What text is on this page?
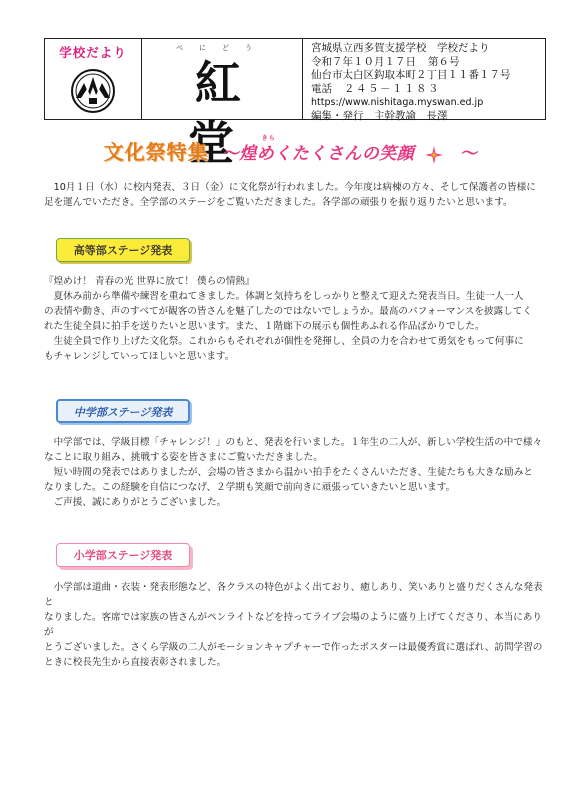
学校だより	べにどう
紅 堂
宮城県立西多賀支援学校　学校だより
令和７年１０月１７日 第６号
仙台市太白区鈎取本町２丁目１１番１７号
電話 ２４５－１１８３
https://www.nishitaga.myswan.ed.jp
編集・発行　主幹教諭　長澤
文化祭特集
きら
～煌めくたくさんの笑顔	～

10月１日（水）に校内発表、３日（金）に文化祭が行われました。今年度は病棟の方々、そして保護者の皆様に

足を運んでいただき、全学部のステージをご覧いただきました。各学部の頑張りを振り返りたいと思います。

高等部ステージ発表

『煌めけ！ 青春の光 世界に放て！ 僕らの情熱』

夏休み前から準備や練習を重ねてきました。体調と気持ちをしっかりと整えて迎えた発表当日。生徒一人一人

の表情や動き、声のすべてが観客の皆さんを魅了したのではないでしょうか。最高のパフォーマンスを披露してく

れた生徒全員に拍手を送りたいと思います。また、１階廊下の展示も個性あふれる作品ばかりでした。

生徒全員で作り上げた文化祭。これからもそれぞれが個性を発揮し、全員の力を合わせて勇気をもって何事に

もチャレンジしていってほしいと思います。

中学部ステージ発表

中学部では、学級目標「チャレンジ！」のもと、発表を行いました。１年生の二人が、新しい学校生活の中で様々

なことに取り組み、挑戦する姿を皆さまにご覧いただきました。

短い時間の発表ではありましたが、会場の皆さまから温かい拍手をたくさんいただき、生徒たちも大きな励みと

なりました。この経験を自信につなげ、２学期も笑顔で前向きに頑張っていきたいと思います。

ご声援、誠にありがとうございました。

小学部ステージ発表

小学部は道曲・衣装・発表形態など、各クラスの特色がよく出ており、癒しあり、笑いありと盛りだくさんな発表と

なりました。客席では家族の皆さんがペンライトなどを持ってライブ会場のように盛り上げてくださり、本当にありが

とうございました。さくら学級の二人がモーションキャプチャーで作ったポスターは最優秀賞に選ばれ、訪問学習の

ときに校長先生から直接表彰されました。
